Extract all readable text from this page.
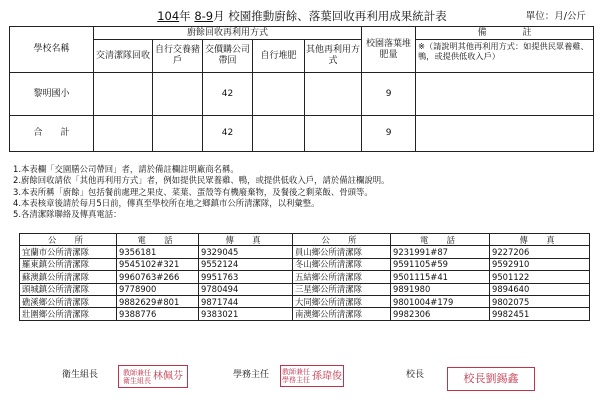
104年 8-9月 校園推動廚餘、落葉回收再利用成果統計表	單位：月/公斤
學校名稱	廚餘回收再利用方式					校園落葉堆肥量	備　　　　註
	交清潔隊回收	自行交養豬戶	交價購公司帶回	自行堆肥	其他再利用方式		※（請說明其他再利用方式：如提供民眾養雞、鴨，或提供低收入戶）
黎明國小			42			9	
合　　計			42			9	
1.本表欄「交園膳公司帶回」者，請於備註欄註明廠商名稱。
2.廚餘回收請依「其他再利用方式」者，例如提供民眾養雞、鴨，或提供低收入戶，請於備註欄說明。
3.本表所稱「廚餘」包括餐前處理之果皮、菜葉、蛋殼等有機廢棄物，及餐後之剩菜飯、骨頭等。
4.本表核章後請於每月5日前，傳真至學校所在地之鄉鎮市公所清潔隊，以利彙整。
5.各清潔隊聯絡及傳真電話：
公　所	電　話	傳　真	公　所	電　話	傳　真
宜蘭市公所清潔隊	9356181	9329045	員山鄉公所清潔隊	9231991#87	9227206
羅東鎮公所清潔隊	9545102#321	9552124	冬山鄉公所清潔隊	9591105#59	9592910
蘇澳鎮公所清潔隊	9960763#266	9951763	五結鄉公所清潔隊	9501115#41	9501122
頭城鎮公所清潔隊	9778900	9780494	三星鄉公所清潔隊	9891980	9894640
礁溪鄉公所清潔隊	9882629#801	9871744	大同鄉公所清潔隊	9801004#179	9802075
壯圍鄉公所清潔隊	9388776	9383021	南澳鄉公所清潔隊	9982306	9982451
衛生組長	教師兼任
衛生組長 林佩芬	學務主任 教師兼任
學務主任 孫瑋俊	校長	校長劉錫鑫
